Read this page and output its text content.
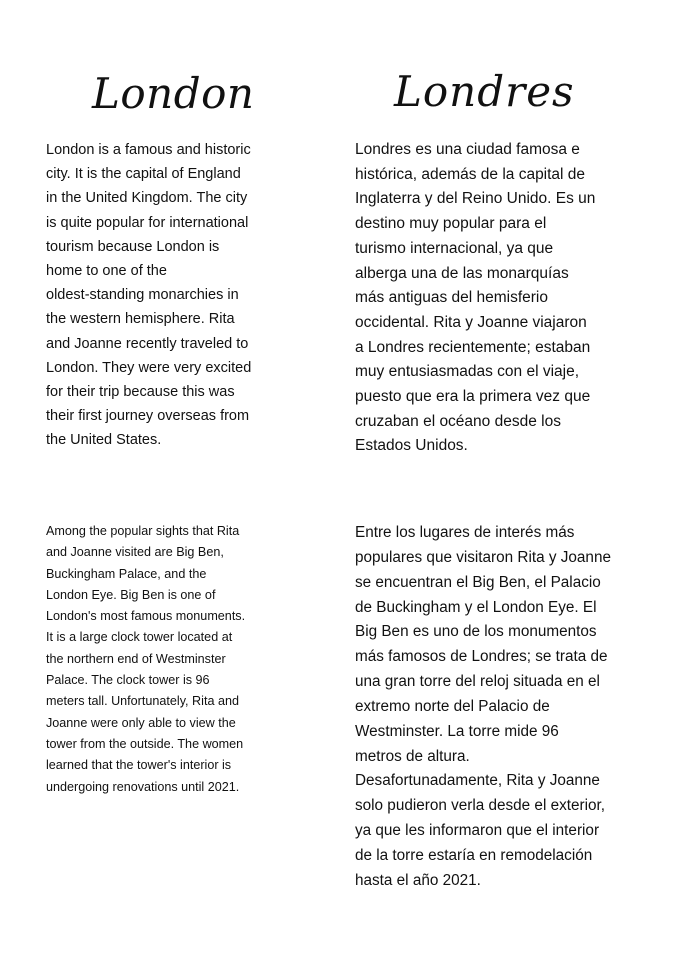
London	Londres

London is a famous and historic
city. It is the capital of England
in the United Kingdom. The city
is quite popular for international
tourism because London is
home to one of the
oldest-standing monarchies in
the western hemisphere. Rita
and Joanne recently traveled to
London. They were very excited
for their trip because this was
their first journey overseas from
the United States.

Londres es una ciudad famosa e
histórica, además de la capital de
Inglaterra y del Reino Unido. Es un
destino muy popular para el
turismo internacional, ya que
alberga una de las monarquías
más antiguas del hemisferio
occidental. Rita y Joanne viajaron
a Londres recientemente; estaban
muy entusiasmadas con el viaje,
puesto que era la primera vez que
cruzaban el océano desde los
Estados Unidos.

Among the popular sights that Rita
and Joanne visited are Big Ben,
Buckingham Palace, and the
London Eye. Big Ben is one of
London's most famous monuments.
It is a large clock tower located at
the northern end of Westminster
Palace. The clock tower is 96
meters tall. Unfortunately, Rita and
Joanne were only able to view the
tower from the outside. The women
learned that the tower's interior is
undergoing renovations until 2021.

Entre los lugares de interés más
populares que visitaron Rita y Joanne
se encuentran el Big Ben, el Palacio
de Buckingham y el London Eye. El
Big Ben es uno de los monumentos
más famosos de Londres; se trata de
una gran torre del reloj situada en el
extremo norte del Palacio de
Westminster. La torre mide 96
metros de altura.
Desafortunadamente, Rita y Joanne
solo pudieron verla desde el exterior,
ya que les informaron que el interior
de la torre estaría en remodelación
hasta el año 2021.
